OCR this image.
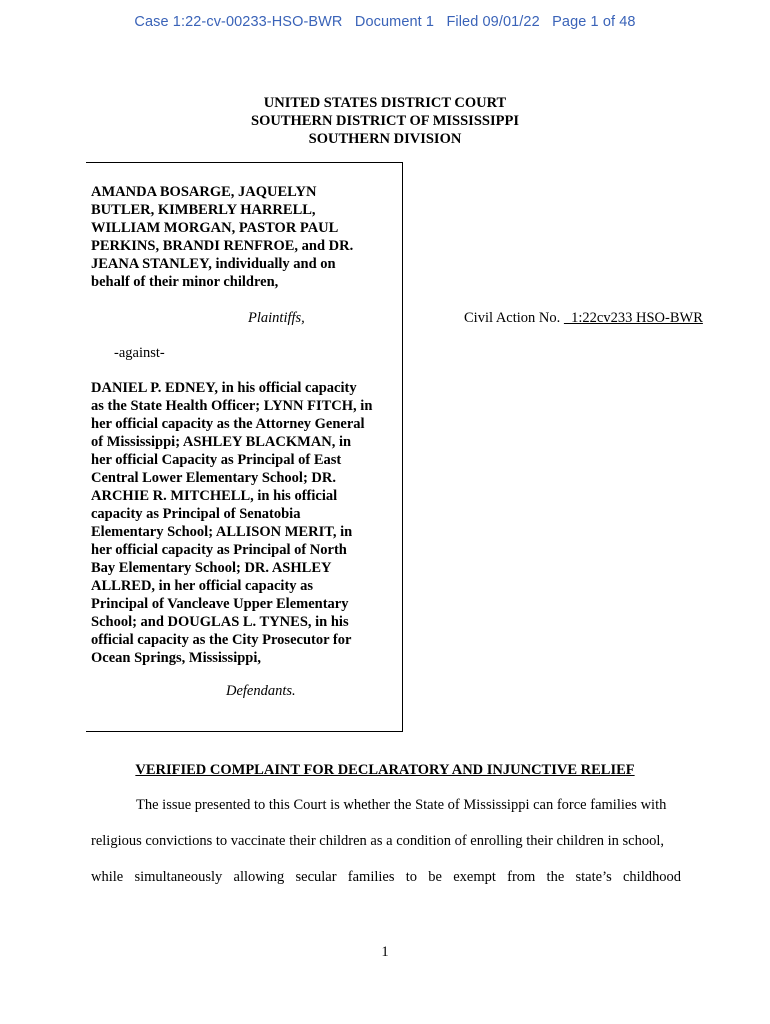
Case 1:22-cv-00233-HSO-BWR   Document 1   Filed 09/01/22   Page 1 of 48
UNITED STATES DISTRICT COURT
SOUTHERN DISTRICT OF MISSISSIPPI
SOUTHERN DIVISION
AMANDA BOSARGE, JAQUELYN
BUTLER, KIMBERLY HARRELL,
WILLIAM MORGAN, PASTOR PAUL
PERKINS, BRANDI RENFROE, and DR.
JEANA STANLEY, individually and on
behalf of their minor children,
Plaintiffs,	Civil Action No.   1:22cv233 HSO-BWR
-against-
DANIEL P. EDNEY, in his official capacity
as the State Health Officer; LYNN FITCH, in
her official capacity as the Attorney General
of Mississippi; ASHLEY BLACKMAN, in
her official Capacity as Principal of East
Central Lower Elementary School; DR.
ARCHIE R. MITCHELL, in his official
capacity as Principal of Senatobia
Elementary School; ALLISON MERIT, in
her official capacity as Principal of North
Bay Elementary School; DR. ASHLEY
ALLRED, in her official capacity as
Principal of Vancleave Upper Elementary
School; and DOUGLAS L. TYNES, in his
official capacity as the City Prosecutor for
Ocean Springs, Mississippi,
Defendants.
VERIFIED COMPLAINT FOR DECLARATORY AND INJUNCTIVE RELIEF
The issue presented to this Court is whether the State of Mississippi can force families with
religious convictions to vaccinate their children as a condition of enrolling their children in school,
while simultaneously allowing secular families to be exempt from the state’s childhood
1
